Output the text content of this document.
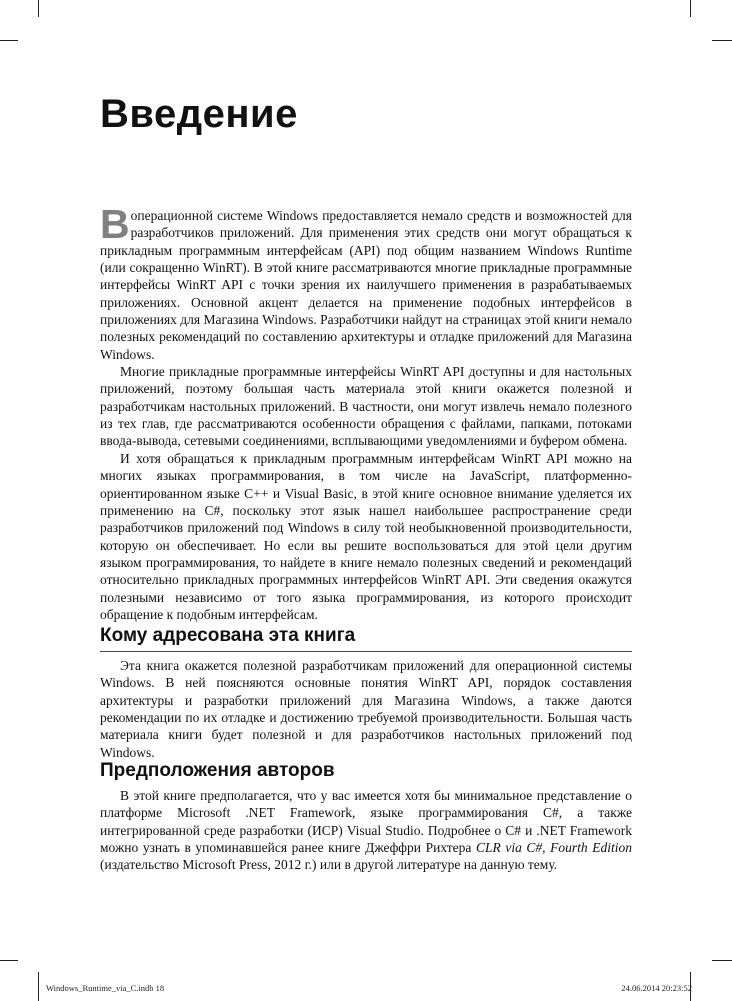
Введение

Воперационной системе Windows предоставляется немало средств и возможностей для разработчиков приложений. Для применения этих средств они могут обращаться к прикладным программным интерфейсам (API) под общим названием Windows Runtime (или сокращенно WinRT). В этой книге рассматриваются многие прикладные программные интерфейсы WinRT API с точки зрения их наилучшего применения в разрабатываемых приложениях. Основной акцент делается на применение подобных интерфейсов в приложениях для Магазина Windows. Разработчики найдут на страницах этой книги немало полезных рекомендаций по составлению архитектуры и отладке приложений для Магазина Windows.

Многие прикладные программные интерфейсы WinRT API доступны и для настольных приложений, поэтому большая часть материала этой книги окажется полезной и разработчикам настольных приложений. В частности, они могут извлечь немало полезного из тех глав, где рассматриваются особенности обращения с файлами, папками, потоками ввода-вывода, сетевыми соединениями, всплывающими уведомлениями и буфером обмена.

И хотя обращаться к прикладным программным интерфейсам WinRT API можно на многих языках программирования, в том числе на JavaScript, платформенно-ориентированном языке C++ и Visual Basic, в этой книге основное внимание уделяется их применению на C#, поскольку этот язык нашел наибольшее распространение среди разработчиков приложений под Windows в силу той необыкновенной производительности, которую он обеспечивает. Но если вы решите воспользоваться для этой цели другим языком программирования, то найдете в книге немало полезных сведений и рекомендаций относительно прикладных программных интерфейсов WinRT API. Эти сведения окажутся полезными независимо от того языка программирования, из которого происходит обращение к подобным интерфейсам.

Кому адресована эта книга

Эта книга окажется полезной разработчикам приложений для операционной системы Windows. В ней поясняются основные понятия WinRT API, порядок составления архитектуры и разработки приложений для Магазина Windows, а также даются рекомендации по их отладке и достижению требуемой производительности. Большая часть материала книги будет полезной и для разработчиков настольных приложений под Windows.

Предположения авторов

В этой книге предполагается, что у вас имеется хотя бы минимальное представление о платформе Microsoft .NET Framework, языке программирования C#, а также интегрированной среде разработки (ИСР) Visual Studio. Подробнее о C# и .NET Framework можно узнать в упоминавшейся ранее книге Джеффри Рихтера CLR via C#, Fourth Edition (издательство Microsoft Press, 2012 г.) или в другой литературе на данную тему.

Windows_Runtime_via_C.indb 18	24.06.2014 20:23:52
